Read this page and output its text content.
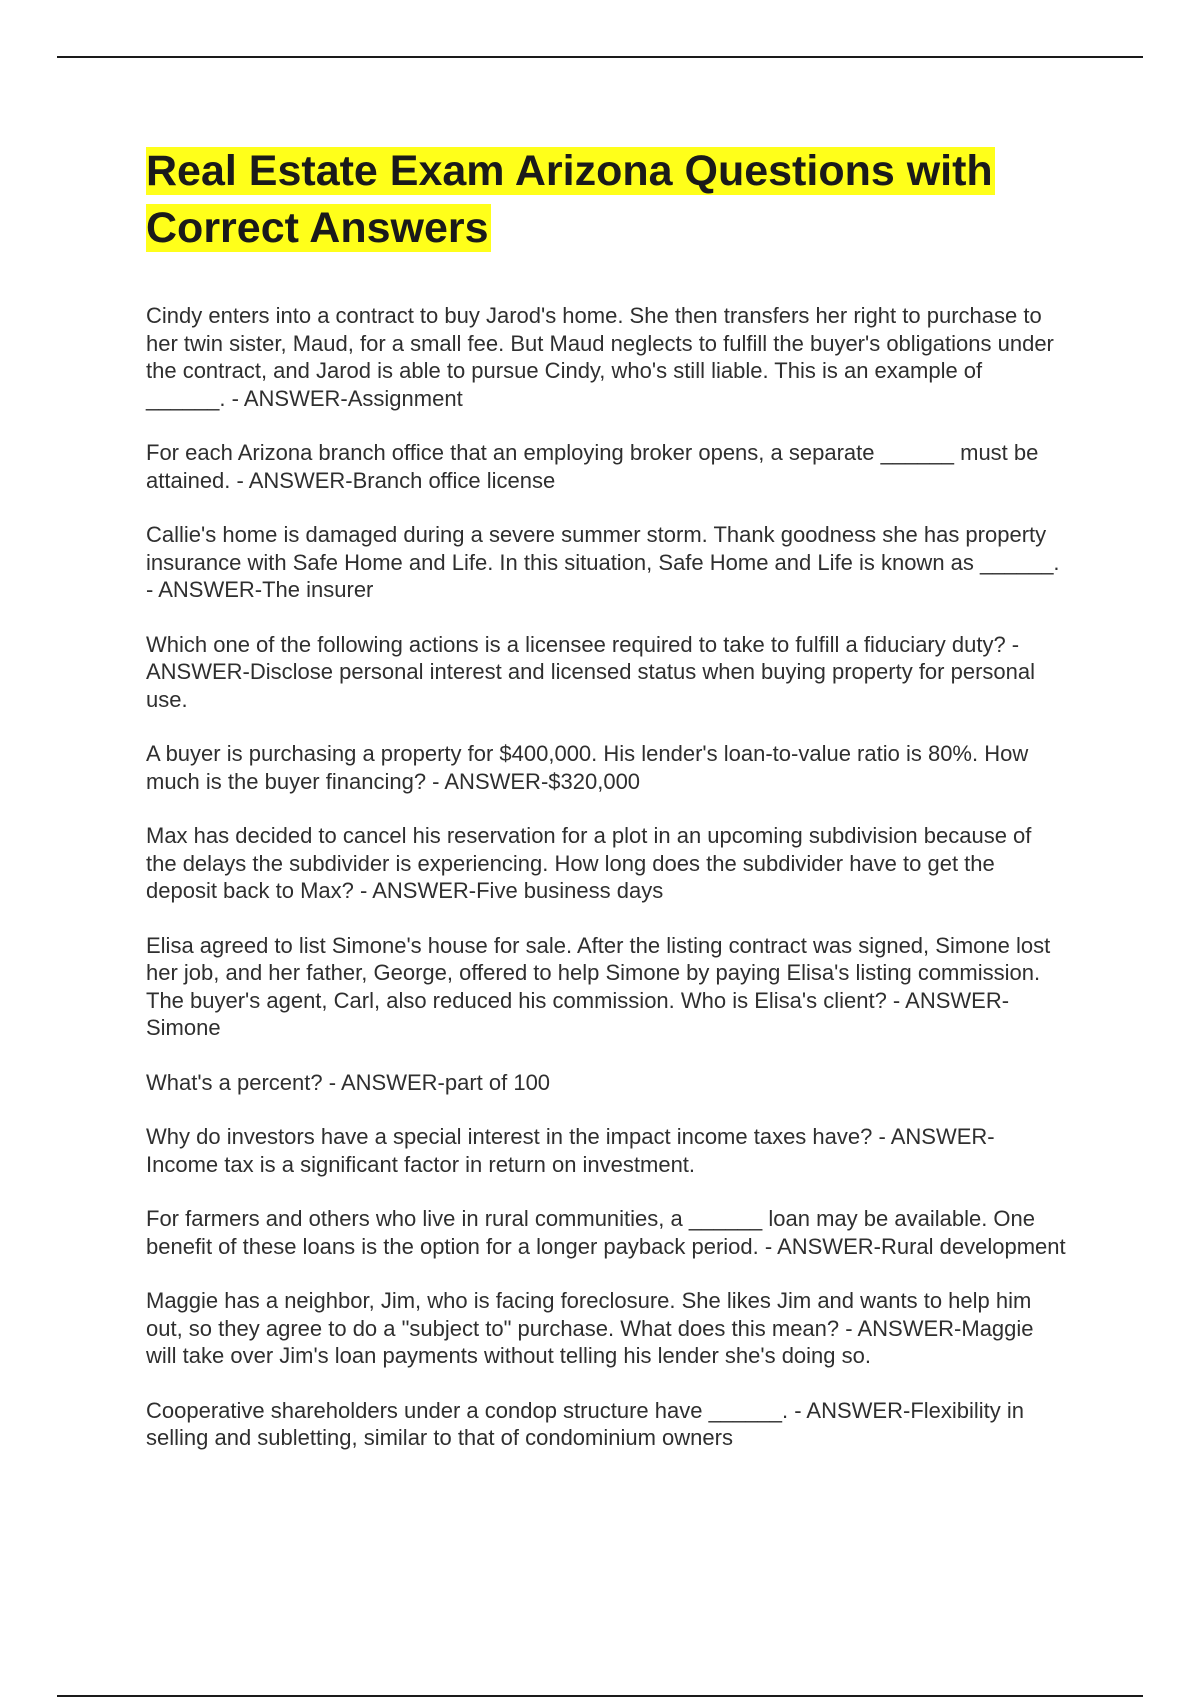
Real Estate Exam Arizona Questions with Correct Answers

Cindy enters into a contract to buy Jarod's home. She then transfers her right to purchase to her twin sister, Maud, for a small fee. But Maud neglects to fulfill the buyer's obligations under the contract, and Jarod is able to pursue Cindy, who's still liable. This is an example of ______. - ANSWER-Assignment

For each Arizona branch office that an employing broker opens, a separate ______ must be attained. - ANSWER-Branch office license

Callie's home is damaged during a severe summer storm. Thank goodness she has property insurance with Safe Home and Life. In this situation, Safe Home and Life is known as ______. - ANSWER-The insurer

Which one of the following actions is a licensee required to take to fulfill a fiduciary duty? - ANSWER-Disclose personal interest and licensed status when buying property for personal use.

A buyer is purchasing a property for $400,000. His lender's loan-to-value ratio is 80%. How much is the buyer financing? - ANSWER-$320,000

Max has decided to cancel his reservation for a plot in an upcoming subdivision because of the delays the subdivider is experiencing. How long does the subdivider have to get the deposit back to Max? - ANSWER-Five business days

Elisa agreed to list Simone's house for sale. After the listing contract was signed, Simone lost her job, and her father, George, offered to help Simone by paying Elisa's listing commission. The buyer's agent, Carl, also reduced his commission. Who is Elisa's client? - ANSWER-Simone

What's a percent? - ANSWER-part of 100

Why do investors have a special interest in the impact income taxes have? - ANSWER-Income tax is a significant factor in return on investment.

For farmers and others who live in rural communities, a ______ loan may be available. One benefit of these loans is the option for a longer payback period. - ANSWER-Rural development

Maggie has a neighbor, Jim, who is facing foreclosure. She likes Jim and wants to help him out, so they agree to do a "subject to" purchase. What does this mean? - ANSWER-Maggie will take over Jim's loan payments without telling his lender she's doing so.

Cooperative shareholders under a condop structure have ______. - ANSWER-Flexibility in selling and subletting, similar to that of condominium owners
